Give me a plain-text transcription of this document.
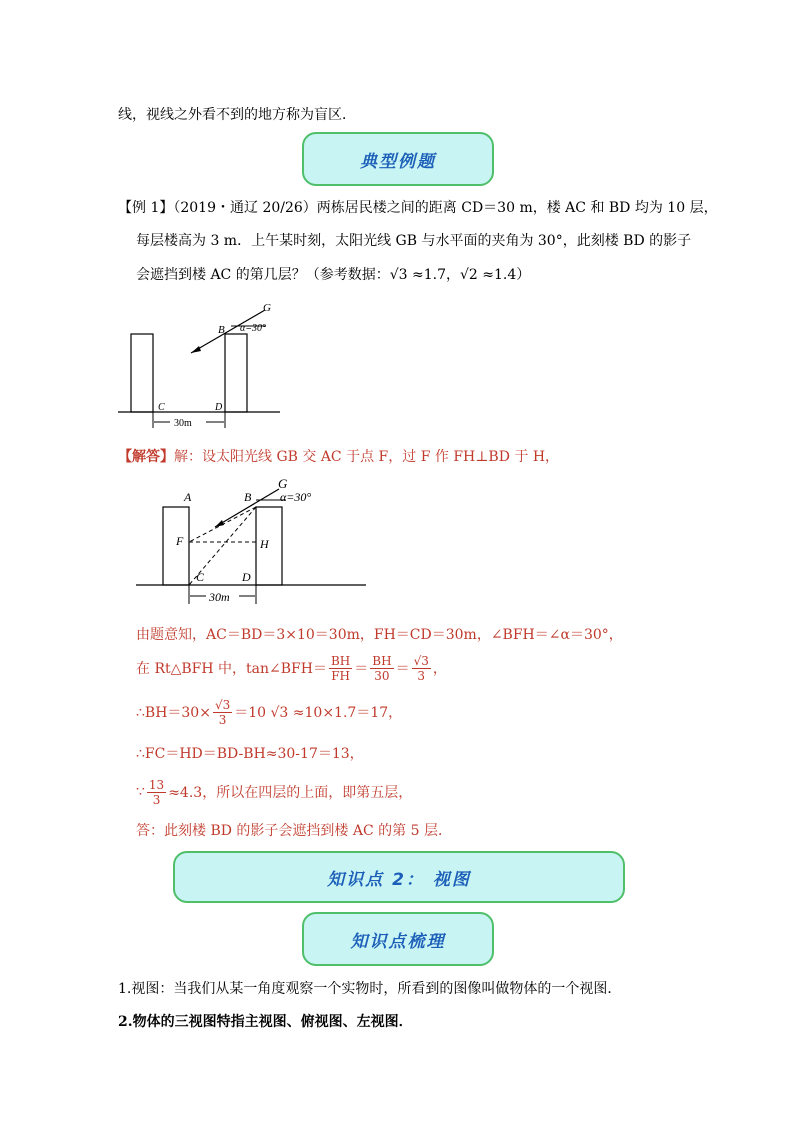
线，视线之外看不到的地方称为盲区．
典型例题
【例 1】（2019・通辽 20/26）两栋居民楼之间的距离 CD＝30 m，楼 AC 和 BD 均为 10 层，
每层楼高为 3 m．上午某时刻，太阳光线 GB 与水平面的夹角为 30°，此刻楼 BD 的影子
会遮挡到楼 AC 的第几层？（参考数据：√3 ≈1.7，√2 ≈1.4）
G
B α=30°
C	D
30m
【解答】解：设太阳光线 GB 交 AC 于点 F，过 F 作 FH⊥BD 于 H，
A	B
G
α=30°
F	H
C	D
30m
由题意知，AC＝BD＝3×10＝30m，FH＝CD＝30m，∠BFH＝∠α＝30°，
在 Rt△BFH 中，tan∠BFH＝ $\frac{BH}{FH} = \frac{BH}{30} = \frac{√3}{3}$ ，
∴BH＝30× $\frac{√3}{3} =10$ √3 ≈10×1.7＝17，
∴FC＝HD＝BD-BH≈30-17＝13，
∵ $\frac{13}{3} \approx 4.3$，所以在四层的上面，即第五层，
答：此刻楼 BD 的影子会遮挡到楼 AC 的第 5 层．
知识点 2： 视图
知识点梳理
1.视图：当我们从某一角度观察一个实物时，所看到的图像叫做物体的一个视图．
2.物体的三视图特指主视图、俯视图、左视图．
